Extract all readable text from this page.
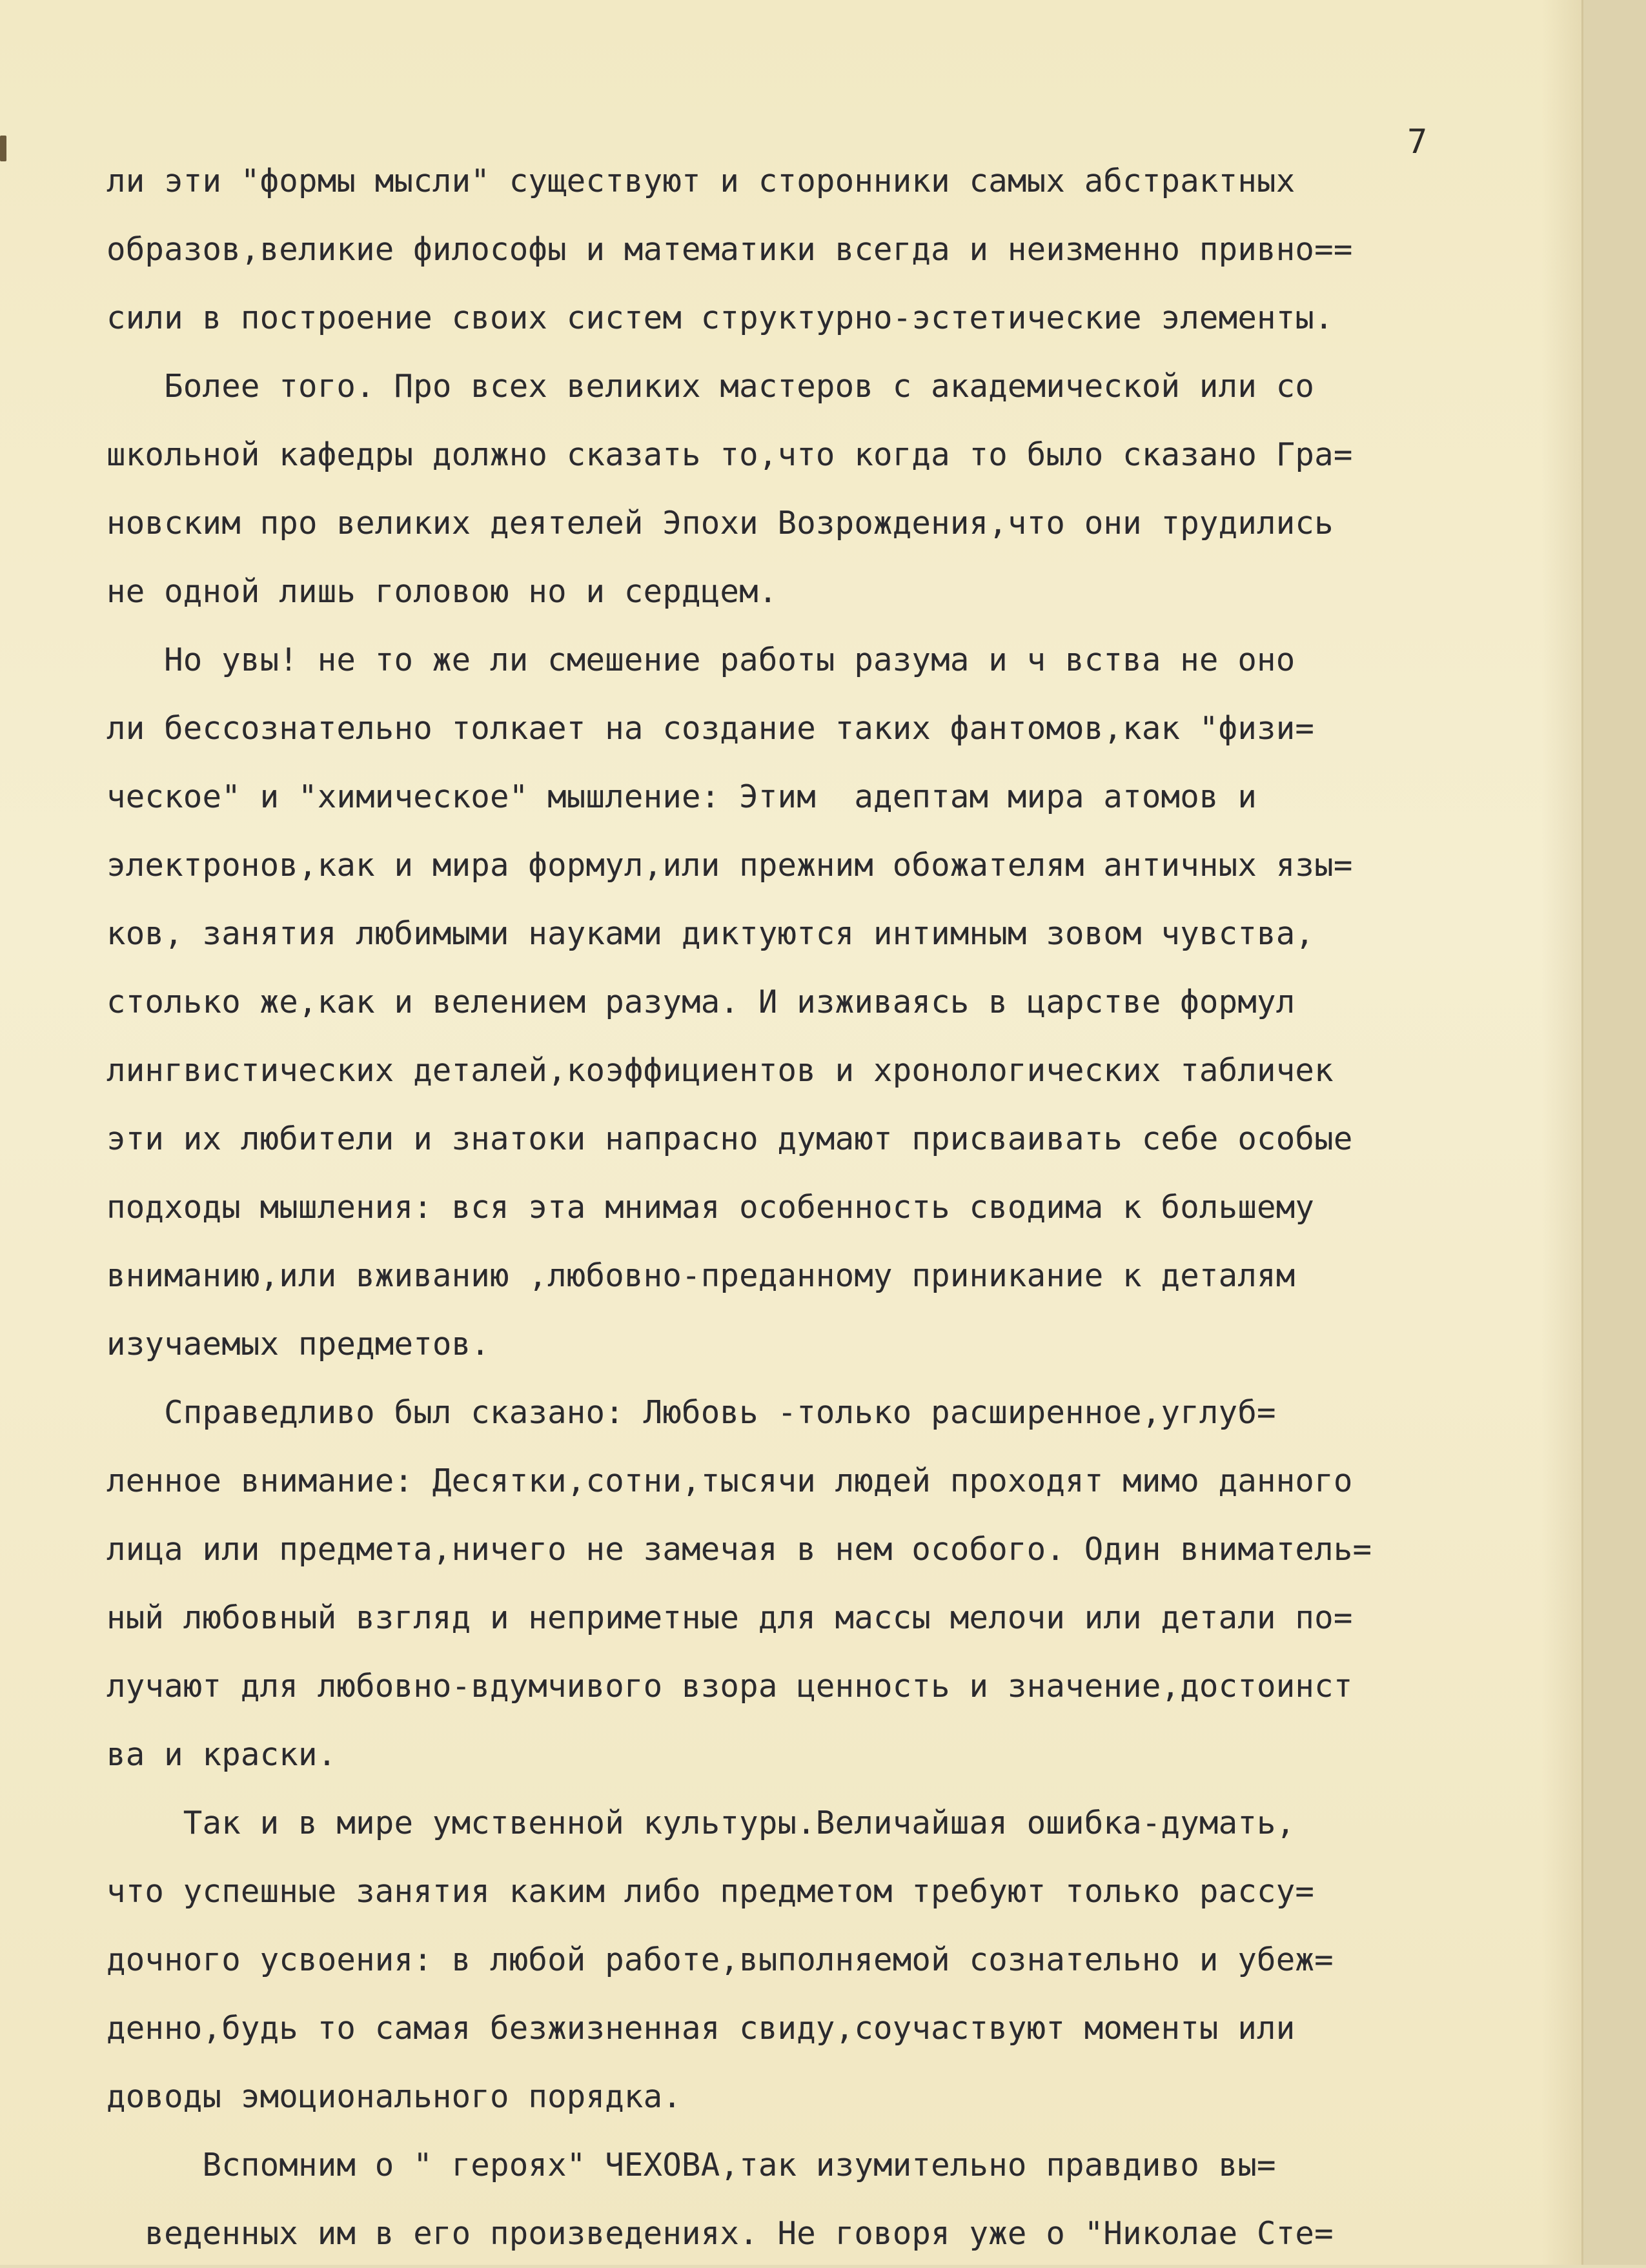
7
ли эти "формы мысли" существуют и сторонники самых абстрактных
образов,великие философы и математики всегда и неизменно привно==
сили в построение своих систем структурно-эстетические элементы.
Более того. Про всех великих мастеров с академической или со
школьной кафедры должно сказать то,что когда то было сказано Гра=
новским про великих деятелей Эпохи Возрождения,что они трудились
не одной лишь головою но и сердцем.
Но увы! не то же ли смешение работы разума и ч вства не оно
ли бессознательно толкает на создание таких фантомов,как "физи=
ческое" и "химическое" мышление: Этим  адептам мира атомов и
электронов,как и мира формул,или прежним обожателям античных язы=
ков, занятия любимыми науками диктуются интимным зовом чувства,
столько же,как и велением разума. И изживаясь в царстве формул
лингвистических деталей,коэффициентов и хронологических табличек
эти их любители и знатоки напрасно думают присваивать себе особые
подходы мышления: вся эта мнимая особенность сводима к большему
вниманию,или вживанию ,любовно-преданному приникание к деталям
изучаемых предметов.
Справедливо был сказано: Любовь -только расширенное,углуб=
ленное внимание: Десятки,сотни,тысячи людей проходят мимо данного
лица или предмета,ничего не замечая в нем особого. Один вниматель=
ный любовный взгляд и неприметные для массы мелочи или детали по=
лучают для любовно-вдумчивого взора ценность и значение,достоинст
ва и краски.
Так и в мире умственной культуры.Величайшая ошибка-думать,
что успешные занятия каким либо предметом требуют только рассу=
дочного усвоения: в любой работе,выполняемой сознательно и убеж=
денно,будь то самая безжизненная свиду,соучаствуют моменты или
доводы эмоционального порядка.
Вспомним о " героях" ЧЕХОВА,так изумительно правдиво вы=
веденных им в его произведениях. Не говоря уже о "Николае Сте=
